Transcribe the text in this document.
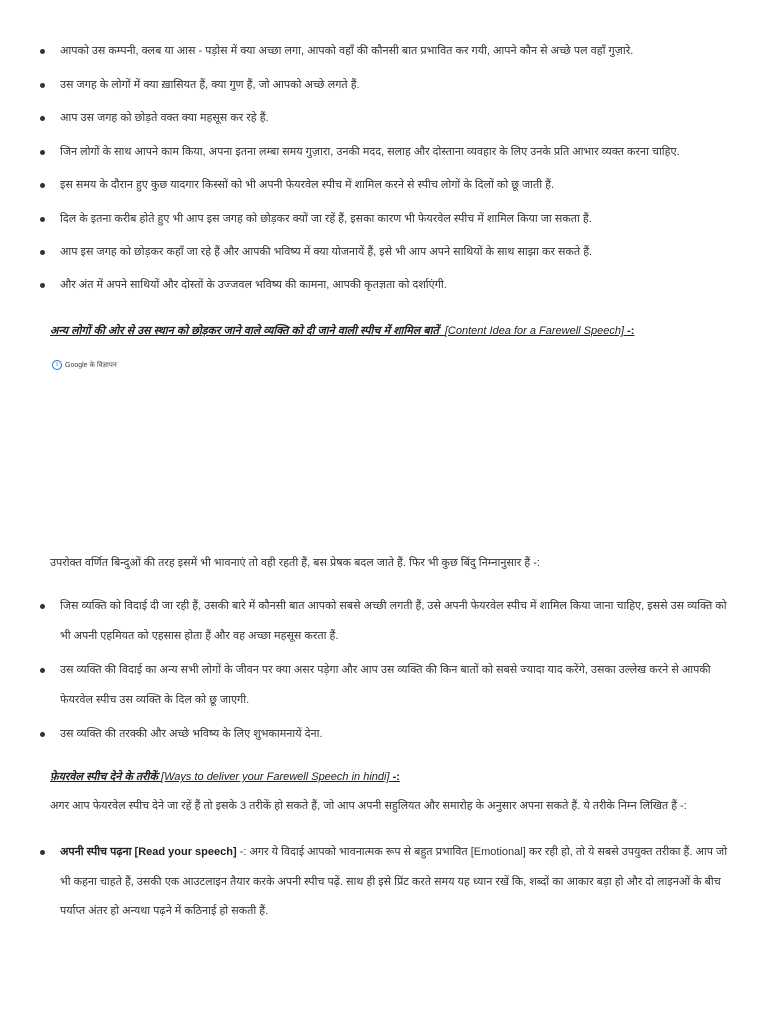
आपको उस कम्पनी, क्लब या आस - पड़ोस में क्या अच्छा लगा, आपको वहाँ की कौनसी बात प्रभावित कर गयी, आपने कौन से अच्छे पल वहाँ गुज़ारे.
उस जगह के लोगों में क्या ख़ासियत हैं, क्या गुण हैं, जो आपको अच्छे लगते हैं.
आप उस जगह को छोड़ते वक्त क्या महसूस कर रहे हैं.
जिन लोगों के साथ आपने काम किया, अपना इतना लम्बा समय गुज़ारा, उनकी मदद, सलाह और दोस्ताना व्यवहार के लिए उनके प्रति आभार व्यक्त करना चाहिए.
इस समय के दौरान हुए कुछ यादगार किस्सों को भी अपनी फेयरवेल स्पीच में शामिल करने से स्पीच लोगों के दिलों को छू जाती हैं.
दिल के इतना करीब होते हुए भी आप इस जगह को छोड़कर क्यों जा रहें हैं, इसका कारण भी फेयरवेल स्पीच में शामिल किया जा सकता हैं.
आप इस जगह को छोड़कर कहाँ जा रहे हैं और आपकी भविष्य में क्या योजनायें हैं, इसे भी आप अपने साथियों के साथ साझा कर सकते हैं.
और अंत में अपने साथियों और दोस्तों के उज्जवल भविष्य की कामना, आपकी कृतज्ञता को दर्शाएंगी.
अन्य लोगों की ओर से उस स्थान को छोड़कर जाने वाले व्यक्ति को दी जाने वाली स्पीच में शामिल बातें [Content Idea for a Farewell Speech] -:
i	Google के विज्ञापन
उपरोक्त वर्णित बिन्दुओं की तरह इसमें भी भावनाएं तो वही रहती हैं, बस प्रेषक बदल जाते हैं. फिर भी कुछ बिंदु निम्नानुसार हैं -:
जिस व्यक्ति को विदाई दी जा रही हैं, उसकी बारे में कौनसी बात आपको सबसे अच्छी लगती हैं, उसे अपनी फेयरवेल स्पीच में शामिल किया जाना चाहिए, इससे उस व्यक्ति को भी अपनी एहमियत को एहसास होता हैं और वह अच्छा महसूस करता हैं.
उस व्यक्ति की विदाई का अन्य सभी लोगों के जीवन पर क्या असर पड़ेगा और आप उस व्यक्ति की किन बातों को सबसे ज्यादा याद करेंगे, उसका उल्लेख करने से आपकी फेयरवेल स्पीच उस व्यक्ति के दिल को छू जाएगी.
उस व्यक्ति की तरक्की और अच्छे भविष्य के लिए शुभकामनायें देना.
फ़ेयरवेल स्पीच देने के तरीकें [Ways to deliver your Farewell Speech in hindi] -:
अगर आप फेयरवेल स्पीच देने जा रहें हैं तो इसके 3 तरीकें हो सकते हैं, जो आप अपनी सहुलियत और समारोह के अनुसार अपना सकते हैं. ये तरीके निम्न लिखित हैं -:
अपनी स्पीच पढ़ना [Read your speech] -: अगर ये विदाई आपको भावनात्मक रूप से बहुत प्रभावित [Emotional] कर रही हो, तो ये सबसे उपयुक्त तरीका हैं. आप जो भी कहना चाहते हैं, उसकी एक आउटलाइन तैयार करके अपनी स्पीच पढ़ें. साथ ही इसे प्रिंट करते समय यह ध्यान रखें कि, शब्दों का आकार बड़ा हो और दो लाइनओं के बीच पर्याप्त अंतर हो अन्यथा पढ़ने में कठिनाई हो सकती हैं.
